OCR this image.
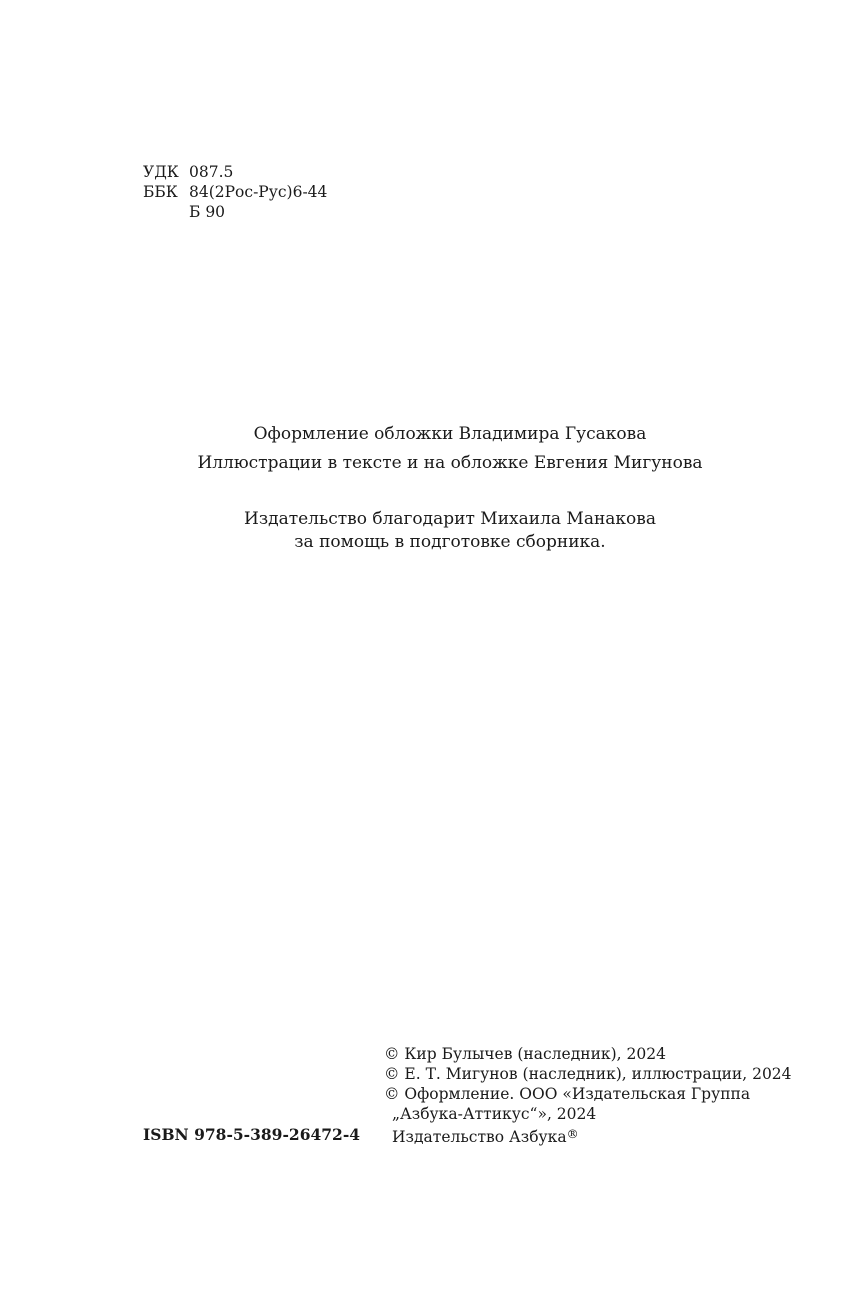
УДК 087.5
ББК 84(2Рос-Рус)6-44
Б 90

Оформление обложки Владимира Гусакова

Иллюстрации в тексте и на обложке Евгения Мигунова

Издательство благодарит Михаила Манакова

за помощь в подготовке сборника.

ISBN 978-5-389-26472-4

© Кир Булычев (наследник), 2024

© Е. Т. Мигунов (наследник), иллюстрации, 2024

© Оформление. ООО «Издательская Группа

„Азбука-Аттикус“», 2024

Издательство Азбука®
